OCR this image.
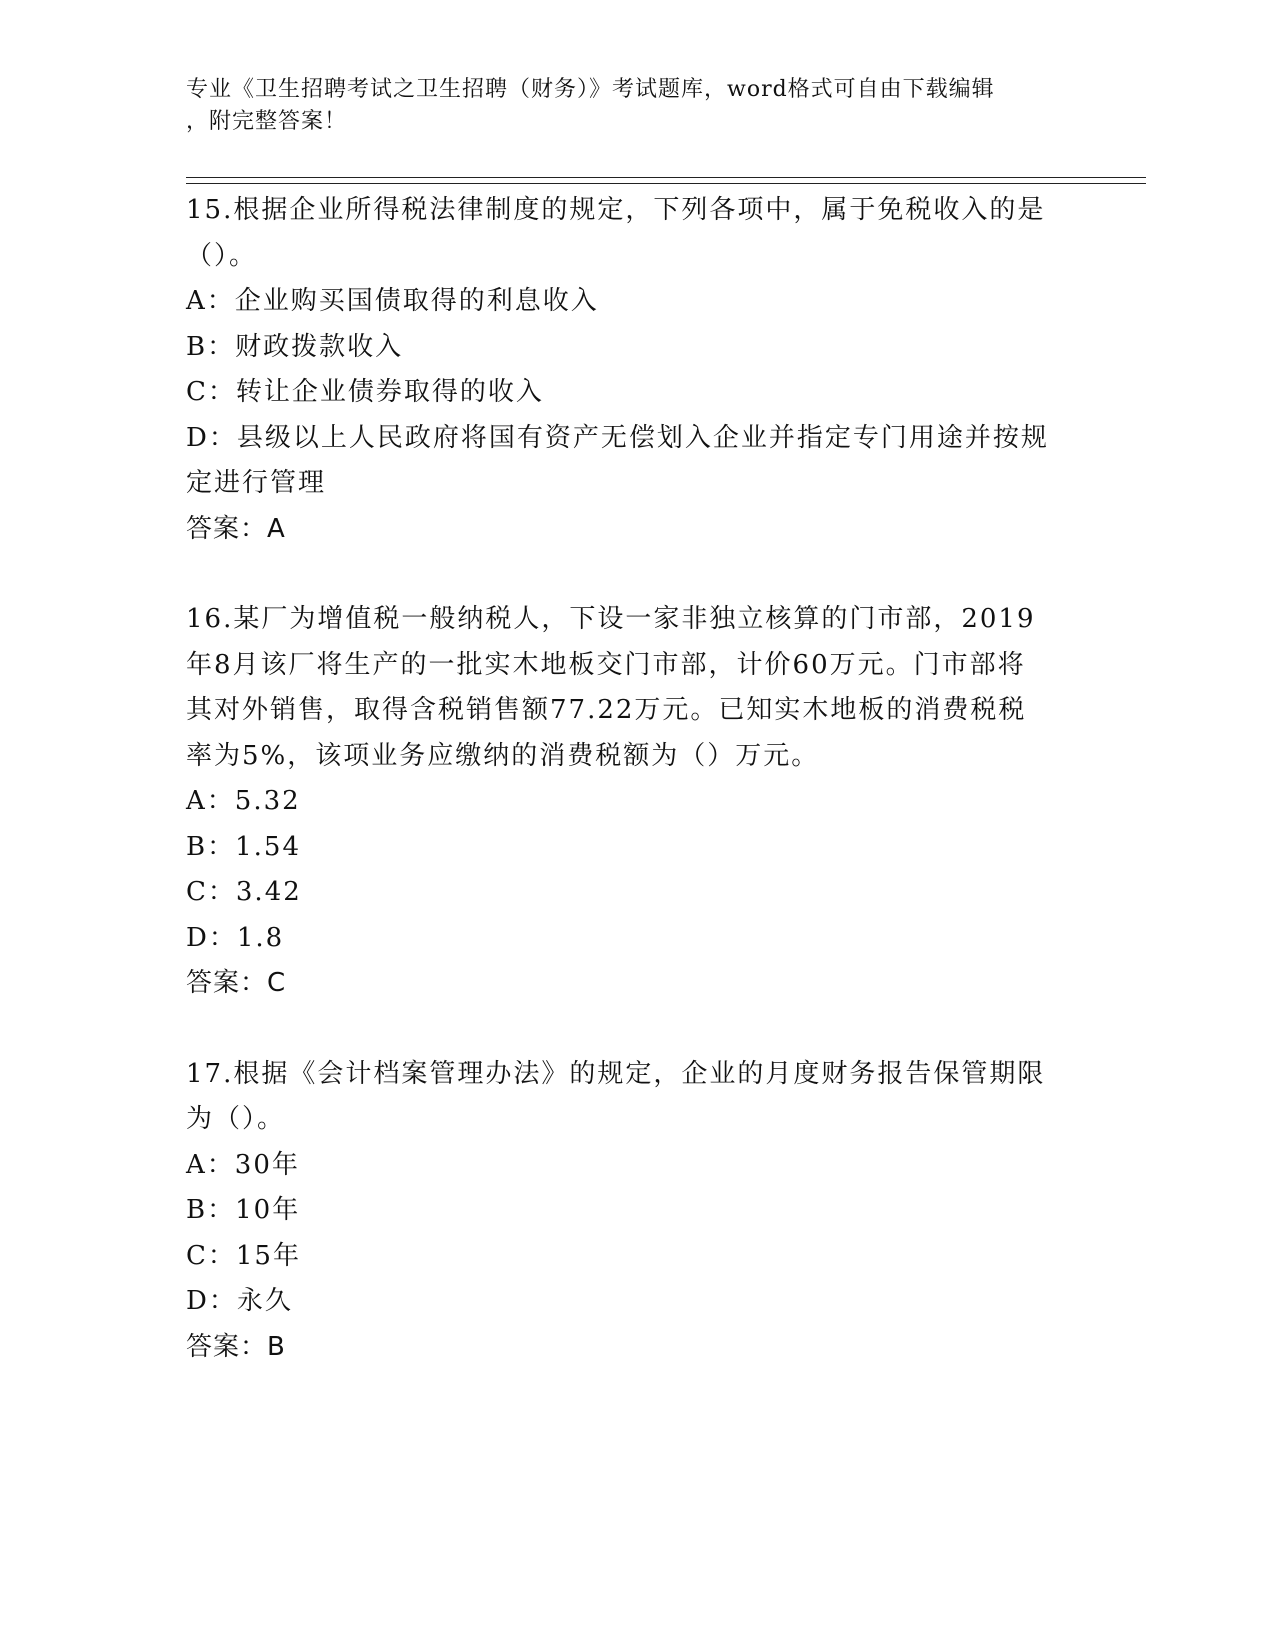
专业《卫生招聘考试之卫生招聘（财务）》考试题库，word格式可自由下载编辑
，附完整答案！
15.根据企业所得税法律制度的规定，下列各项中，属于免税收入的是
（）。
A：企业购买国债取得的利息收入
B：财政拨款收入
C：转让企业债券取得的收入
D：县级以上人民政府将国有资产无偿划入企业并指定专门用途并按规
定进行管理
答案：A
16.某厂为增值税一般纳税人，下设一家非独立核算的门市部，2019
年8月该厂将生产的一批实木地板交门市部，计价60万元。门市部将
其对外销售，取得含税销售额77.22万元。已知实木地板的消费税税
率为5%，该项业务应缴纳的消费税额为（）万元。
A：5.32
B：1.54
C：3.42
D：1.8
答案：C
17.根据《会计档案管理办法》的规定，企业的月度财务报告保管期限
为（）。
A：30年
B：10年
C：15年
D：永久
答案：B
